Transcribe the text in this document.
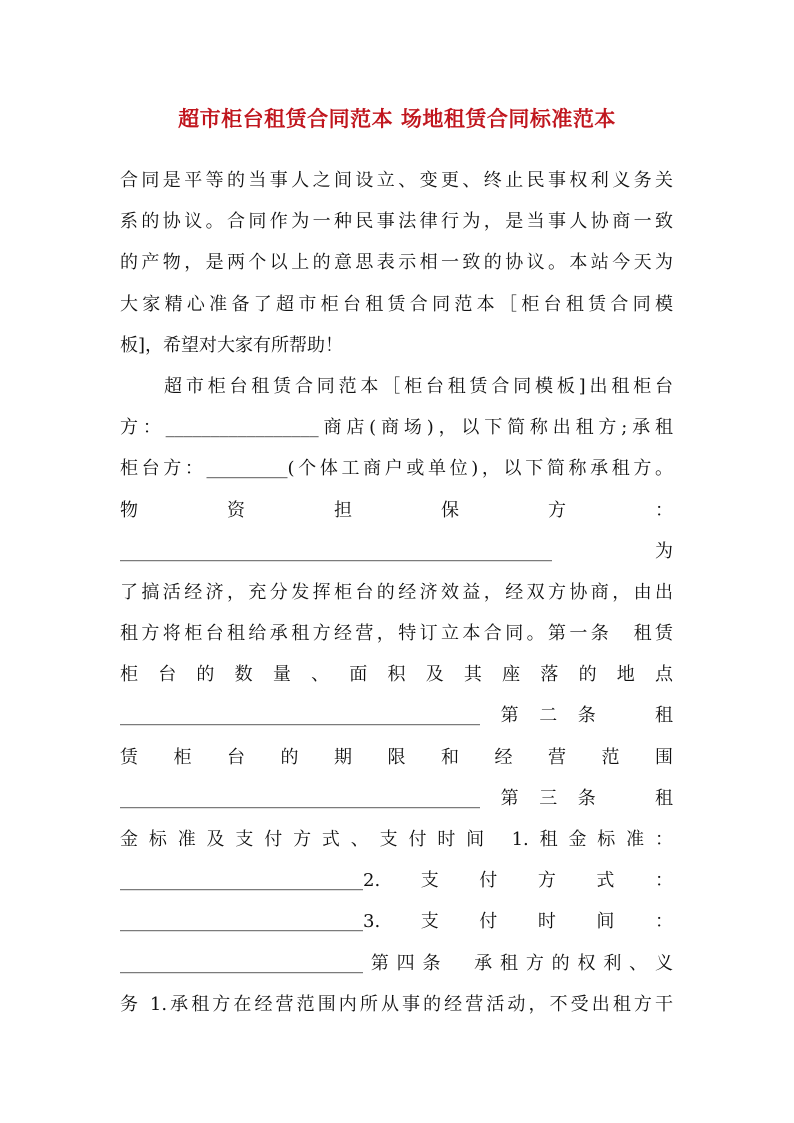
超市柜台租赁合同范本 场地租赁合同标准范本
合同是平等的当事人之间设立、变更、终止民事权利义务关
系的协议。合同作为一种民事法律行为，是当事人协商一致
的产物，是两个以上的意思表示相一致的协议。本站今天为
大家精心准备了超市柜台租赁合同范本［柜台租赁合同模
板]，希望对大家有所帮助！
超市柜台租赁合同范本［柜台租赁合同模板]出租柜台
方：_________________商店(商场)，以下简称出租方;承租
柜台方：_________(个体工商户或单位)，以下简称承租方。
物　资　担　保　方　：
________________________________________________　为
了搞活经济，充分发挥柜台的经济效益，经双方协商，由出
租方将柜台租给承租方经营，特订立本合同。第一条　租赁
柜台的数量、面积及其座落的地点
________________________________________第二条　租
赁柜台的期限和经营范围
________________________________________第三条　租
金标准及支付方式、支付时间 1.租金标准：
___________________________2.　支　付　方　式　：
___________________________3.　支　付　时　间　：
___________________________第四条　承租方的权利、义
务 1.承租方在经营范围内所从事的经营活动，不受出租方干
